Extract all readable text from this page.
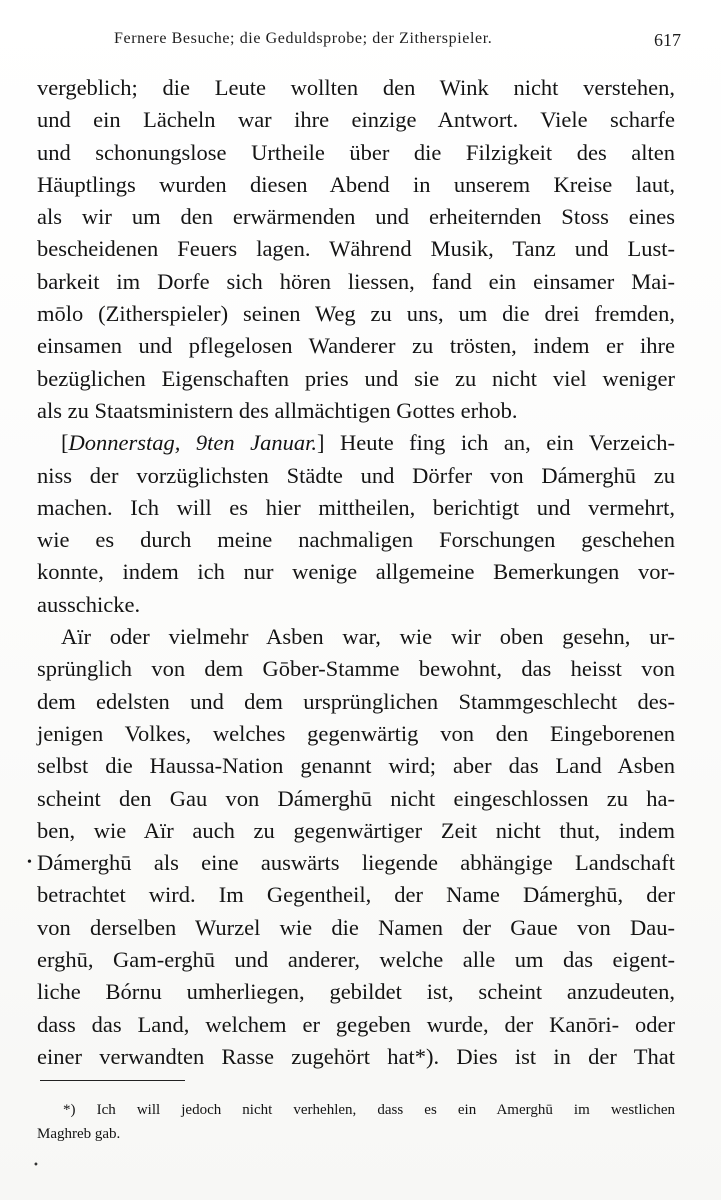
Fernere Besuche; die Geduldsprobe; der Zitherspieler.	617
vergeblich; die Leute wollten den Wink nicht verstehen,
und ein Lächeln war ihre einzige Antwort. Viele scharfe
und schonungslose Urtheile über die Filzigkeit des alten
Häuptlings wurden diesen Abend in unserem Kreise laut,
als wir um den erwärmenden und erheiternden Stoss eines
bescheidenen Feuers lagen. Während Musik, Tanz und Lust-
barkeit im Dorfe sich hören liessen, fand ein einsamer Mai-
mōlo (Zitherspieler) seinen Weg zu uns, um die drei fremden,
einsamen und pflegelosen Wanderer zu trösten, indem er ihre
bezüglichen Eigenschaften pries und sie zu nicht viel weniger
als zu Staatsministern des allmächtigen Gottes erhob.
[Donnerstag, 9ten Januar.] Heute fing ich an, ein Verzeich-
niss der vorzüglichsten Städte und Dörfer von Dámerghū zu
machen. Ich will es hier mittheilen, berichtigt und vermehrt,
wie es durch meine nachmaligen Forschungen geschehen
konnte, indem ich nur wenige allgemeine Bemerkungen vor-
ausschicke.
Aïr oder vielmehr Asben war, wie wir oben gesehn, ur-
sprünglich von dem Gōber-Stamme bewohnt, das heisst von
dem edelsten und dem ursprünglichen Stammgeschlecht des-
jenigen Volkes, welches gegenwärtig von den Eingeborenen
selbst die Haussa-Nation genannt wird; aber das Land Asben
scheint den Gau von Dámerghū nicht eingeschlossen zu ha-
ben, wie Aïr auch zu gegenwärtiger Zeit nicht thut, indem
• Dámerghū als eine auswärts liegende abhängige Landschaft
betrachtet wird. Im Gegentheil, der Name Dámerghū, der
von derselben Wurzel wie die Namen der Gaue von Dau-
erghū, Gam-erghū und anderer, welche alle um das eigent-
liche Bórnu umherliegen, gebildet ist, scheint anzudeuten,
dass das Land, welchem er gegeben wurde, der Kanōri- oder
einer verwandten Rasse zugehört hat*). Dies ist in der That
*) Ich will jedoch nicht verhehlen, dass es ein Amerghū im westlichen
Maghreb gab.
•
